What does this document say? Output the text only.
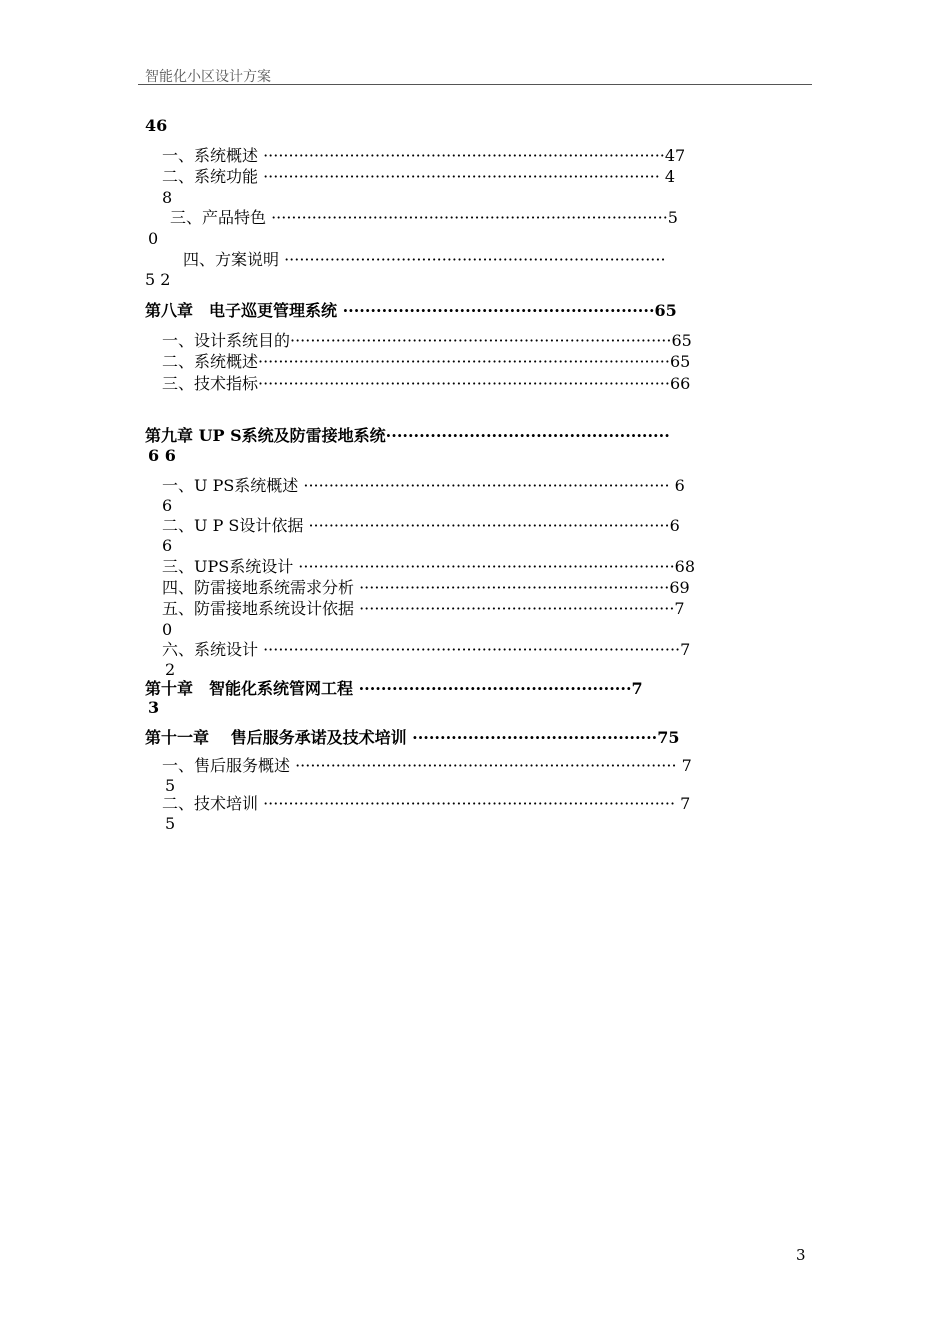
智能化小区设计方案
46
一、系统概述 ···············································································47
二、系统功能 ·············································································· 4
8
三、产品特色 ··············································································5
0
四、方案说明 ···········································································
5 2
第八章　电子巡更管理系统 ························································65
一、设计系统目的···········································································65
二、系统概述·················································································65
三、技术指标·················································································66
第九章 UP S系统及防雷接地系统···················································
6 6
一、U PS系统概述 ········································································ 6
6
二、U P S设计依据 ·······································································6
6
三、UPS系统设计 ··········································································68
四、防雷接地系统需求分析 ·····························································69
五、防雷接地系统设计依据 ······························································7
0
六、系统设计 ··················································································7
2
第十章　智能化系统管网工程 ·················································7
3
第十一章　 售后服务承诺及技术培训 ············································75
一、售后服务概述 ··········································································· 7
5
二、技术培训 ················································································· 7
5
3
